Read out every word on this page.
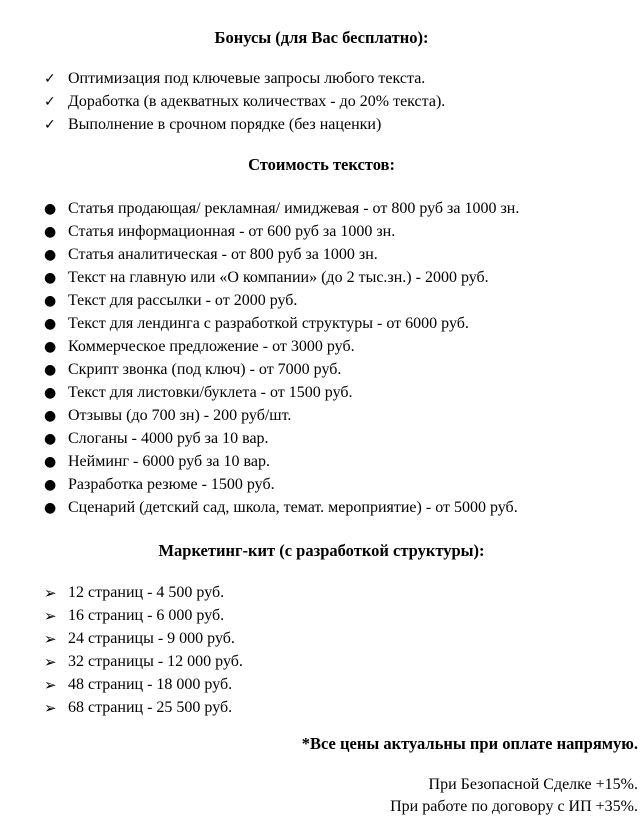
Бонусы (для Вас бесплатно):
✓ Оптимизация под ключевые запросы любого текста.
✓ Доработка (в адекватных количествах - до 20% текста).
✓ Выполнение в срочном порядке (без наценки)
Стоимость текстов:
● Статья продающая/ рекламная/ имиджевая - от 800 руб за 1000 зн.
● Статья информационная - от 600 руб за 1000 зн.
● Статья аналитическая - от 800 руб за 1000 зн.
● Текст на главную или «О компании» (до 2 тыс.зн.) - 2000 руб.
● Текст для рассылки - от 2000 руб.
● Текст для лендинга с разработкой структуры - от 6000 руб.
● Коммерческое предложение - от 3000 руб.
● Скрипт звонка (под ключ) - от 7000 руб.
● Текст для листовки/буклета - от 1500 руб.
● Отзывы (до 700 зн) - 200 руб/шт.
● Слоганы - 4000 руб за 10 вар.
● Нейминг - 6000 руб за 10 вар.
● Разработка резюме - 1500 руб.
● Сценарий (детский сад, школа, темат. мероприятие) - от 5000 руб.
Маркетинг-кит (с разработкой структуры):
➢ 12 страниц - 4 500 руб.
➢ 16 страниц - 6 000 руб.
➢ 24 страницы - 9 000 руб.
➢ 32 страницы - 12 000 руб.
➢ 48 страниц - 18 000 руб.
➢ 68 страниц - 25 500 руб.
*Все цены актуальны при оплате напрямую.
При Безопасной Сделке +15%.
При работе по договору с ИП +35%.
